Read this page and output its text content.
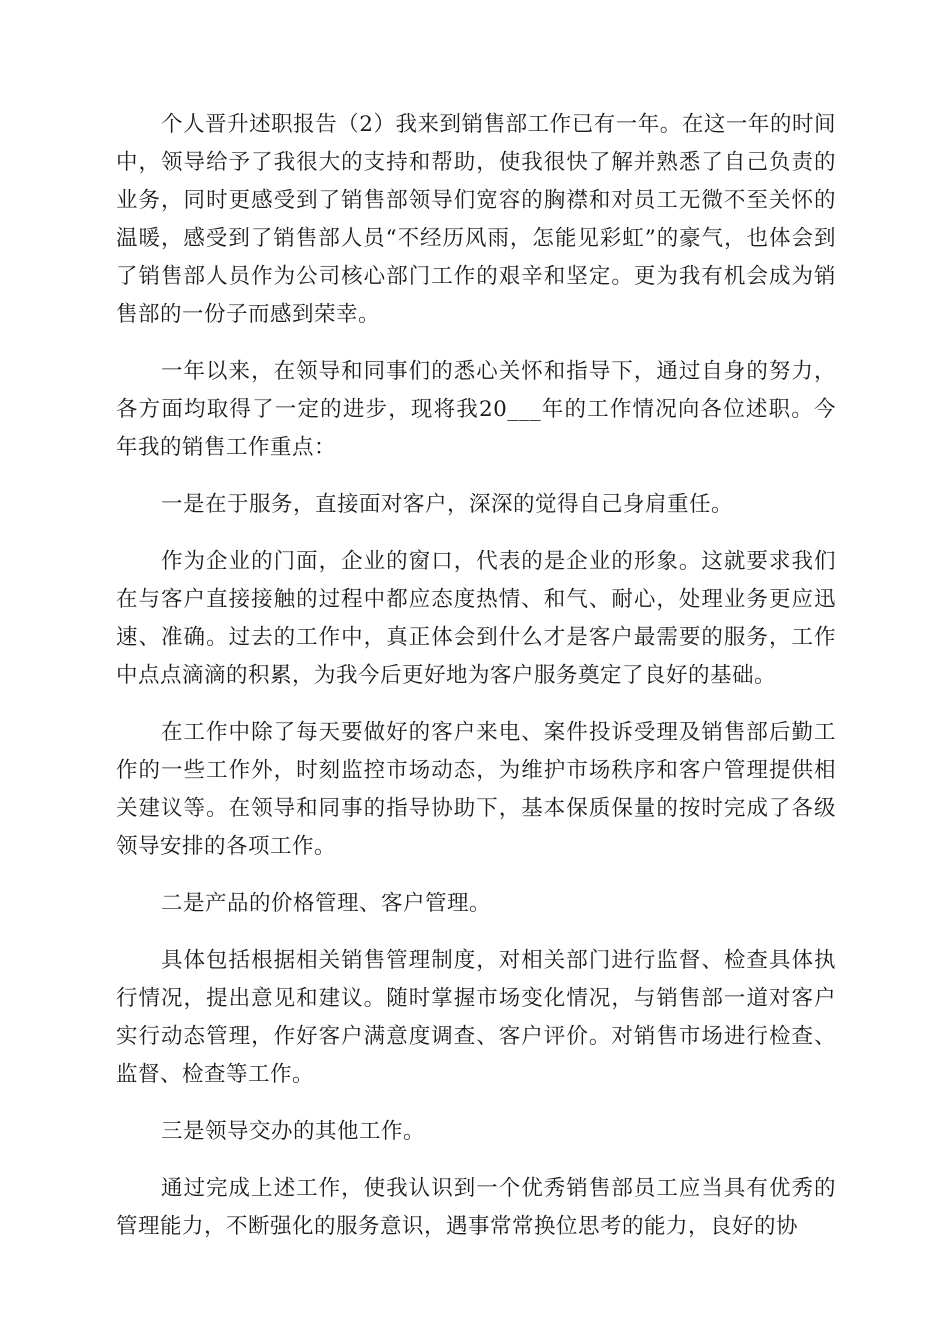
个人晋升述职报告（2）我来到销售部工作已有一年。在这一年的时间中，领导给予了我很大的支持和帮助，使我很快了解并熟悉了自己负责的业务，同时更感受到了销售部领导们宽容的胸襟和对员工无微不至关怀的温暖，感受到了销售部人员“不经历风雨，怎能见彩虹”的豪气，也体会到了销售部人员作为公司核心部门工作的艰辛和坚定。更为我有机会成为销售部的一份子而感到荣幸。

一年以来，在领导和同事们的悉心关怀和指导下，通过自身的努力，各方面均取得了一定的进步，现将我20___年的工作情况向各位述职。今年我的销售工作重点：

一是在于服务，直接面对客户，深深的觉得自己身肩重任。

作为企业的门面，企业的窗口，代表的是企业的形象。这就要求我们在与客户直接接触的过程中都应态度热情、和气、耐心，处理业务更应迅速、准确。过去的工作中，真正体会到什么才是客户最需要的服务，工作中点点滴滴的积累，为我今后更好地为客户服务奠定了良好的基础。

在工作中除了每天要做好的客户来电、案件投诉受理及销售部后勤工作的一些工作外，时刻监控市场动态，为维护市场秩序和客户管理提供相关建议等。在领导和同事的指导协助下，基本保质保量的按时完成了各级领导安排的各项工作。

二是产品的价格管理、客户管理。

具体包括根据相关销售管理制度，对相关部门进行监督、检查具体执行情况，提出意见和建议。随时掌握市场变化情况，与销售部一道对客户实行动态管理，作好客户满意度调查、客户评价。对销售市场进行检查、监督、检查等工作。

三是领导交办的其他工作。

通过完成上述工作，使我认识到一个优秀销售部员工应当具有优秀的管理能力，不断强化的服务意识，遇事常常换位思考的能力，良好的协
